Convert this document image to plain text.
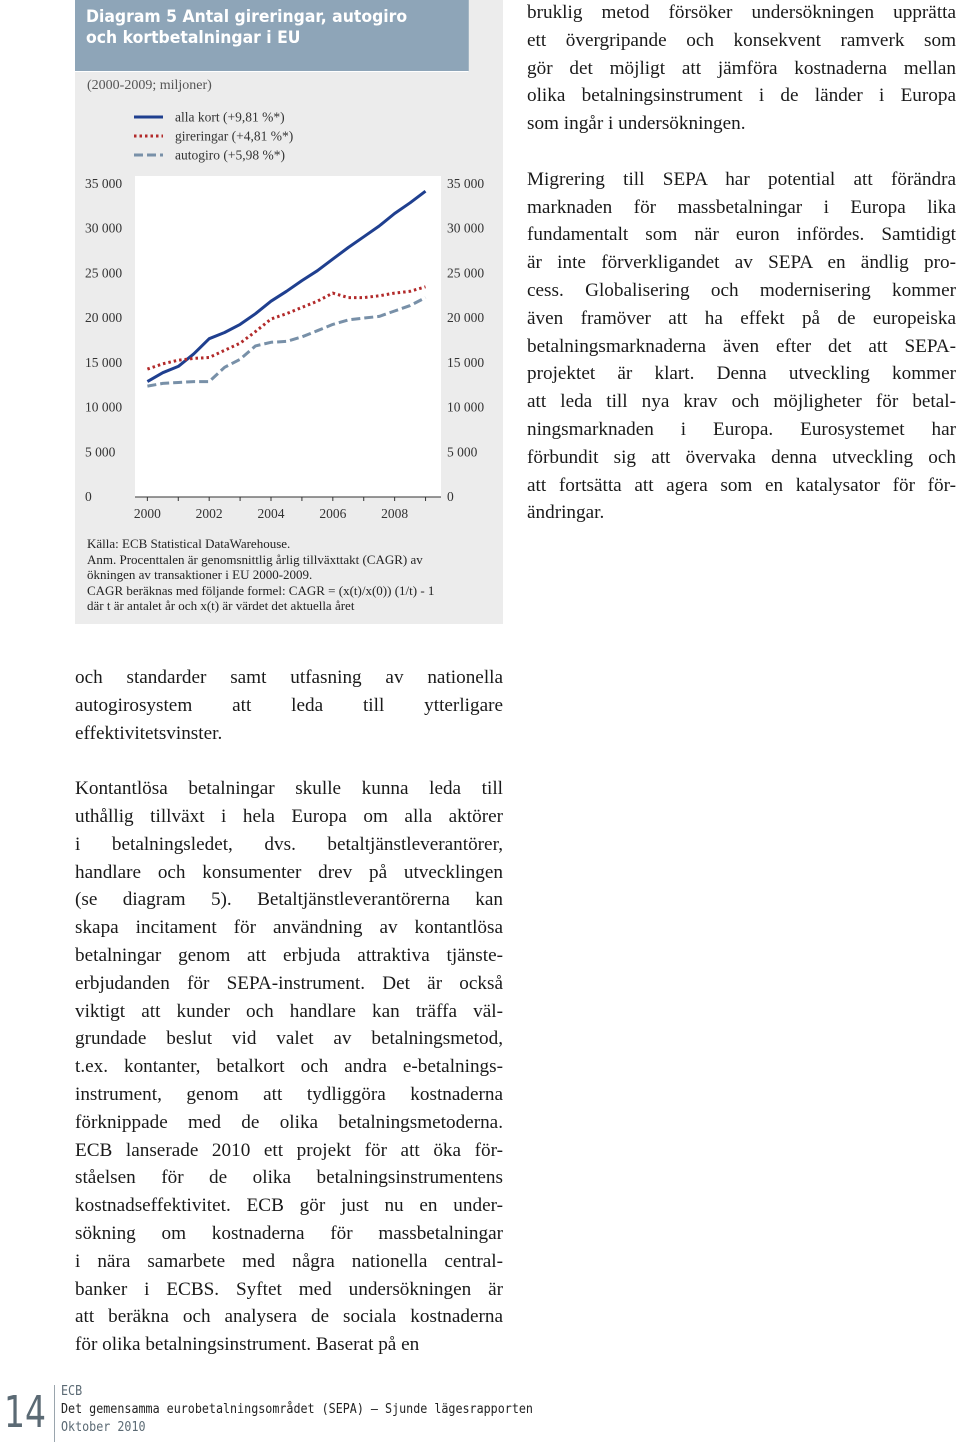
Diagram 5 Antal gireringar, autogiro
och kortbetalningar i EU
(2000-2009; miljoner)
0	0
5 000	5 000
10 000	10 000
15 000	15 000
20 000	20 000
25 000	25 000
30 000	30 000
35 000	35 000
2000	2002	2004	2006	2008
alla kort (+9,81 %*)
gireringar (+4,81 %*)
autogiro (+5,98 %*)
Källa: ECB Statistical DataWarehouse.
Anm. Procenttalen är genomsnittlig årlig tillväxttakt (CAGR) av
ökningen av transaktioner i EU 2000-2009.
CAGR beräknas med följande formel: CAGR = (x(t)/x(0)) (1/t) - 1
där t är antalet år och x(t) är värdet det aktuella året

bruklig metod försöker undersökningen upprätta
ett övergripande och konsekvent ramverk som
gör det möjligt att jämföra kostnaderna mellan
olika betalningsinstrument i de länder i Europa
som ingår i undersökningen.

Migrering till SEPA har potential att förändra
marknaden för massbetalningar i Europa lika
fundamentalt som när euron infördes. Samtidigt
är inte förverkligandet av SEPA en ändlig pro-
cess. Globalisering och modernisering kommer
även framöver att ha effekt på de europeiska
betalningsmarknaderna även efter det att SEPA-
projektet är klart. Denna utveckling kommer
att leda till nya krav och möjligheter för betal-
ningsmarknaden i Europa. Eurosystemet har
förbundit sig att övervaka denna utveckling och
att fortsätta att agera som en katalysator för för-
ändringar.

och standarder samt utfasning av nationella
autogirosystem att leda till ytterligare
effektivitetsvinster.

Kontantlösa betalningar skulle kunna leda till
uthållig tillväxt i hela Europa om alla aktörer
i betalningsledet, dvs. betaltjänstleverantörer,
handlare och konsumenter drev på utvecklingen
(se diagram 5). Betaltjänstleverantörerna kan
skapa incitament för användning av kontantlösa
betalningar genom att erbjuda attraktiva tjänste-
erbjudanden för SEPA-instrument. Det är också
viktigt att kunder och handlare kan träffa väl-
grundade beslut vid valet av betalningsmetod,
t.ex. kontanter, betalkort och andra e-betalnings-
instrument, genom att tydliggöra kostnaderna
förknippade med de olika betalningsmetoderna.
ECB lanserade 2010 ett projekt för att öka för-
ståelsen för de olika betalningsinstrumentens
kostnadseffektivitet. ECB gör just nu en under-
sökning om kostnaderna för massbetalningar
i nära samarbete med några nationella central-
banker i ECBS. Syftet med undersökningen är
att beräkna och analysera de sociala kostnaderna
för olika betalningsinstrument. Baserat på en

14 ECB
Det gemensamma eurobetalningsområdet (SEPA) – Sjunde lägesrapporten
Oktober 2010
